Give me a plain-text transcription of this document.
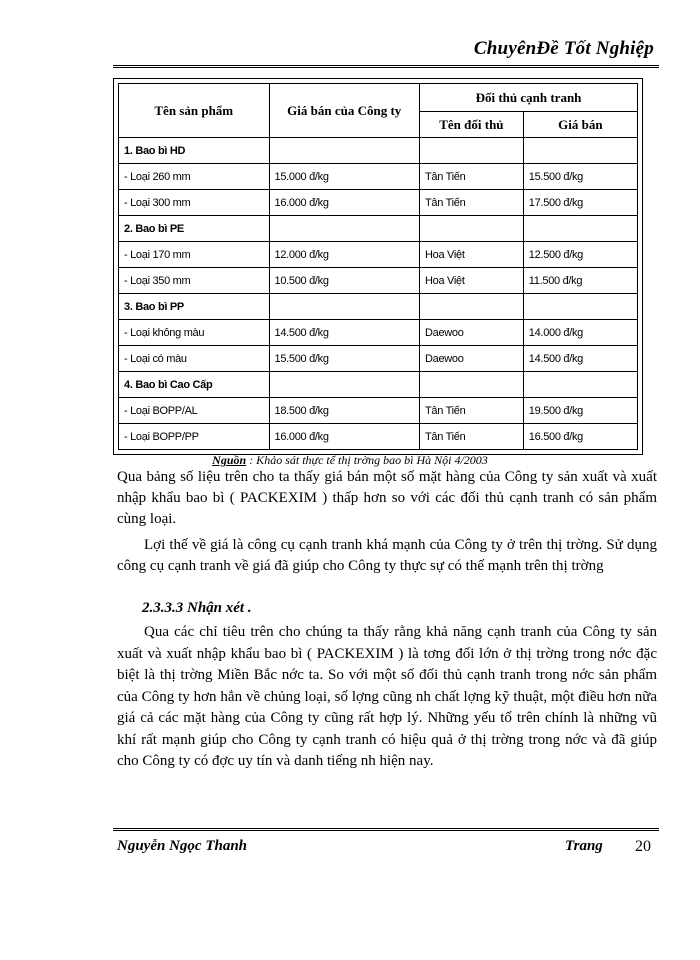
ChuyênĐề Tốt Nghiệp
Tên sản phẩm	Giá bán của Công ty	Đối thủ cạnh tranh	
		Tên đối thủ	Giá bán
1. Bao bì HD			
- Loại 260 mm	15.000 đ/kg	Tân Tiến	15.500 đ/kg
- Loại 300 mm	16.000 đ/kg	Tân Tiến	17.500 đ/kg
2. Bao bì PE			
- Loại 170 mm	12.000 đ/kg	Hoa Việt	12.500 đ/kg
- Loại 350 mm	10.500 đ/kg	Hoa Việt	11.500 đ/kg
3. Bao bì PP			
- Loại không màu	14.500 đ/kg	Daewoo	14.000 đ/kg
- Loại có màu	15.500 đ/kg	Daewoo	14.500 đ/kg
4. Bao bì Cao Cấp			
- Loại BOPP/AL	18.500 đ/kg	Tân Tiến	19.500 đ/kg
- Loại BOPP/PP	16.000 đ/kg	Tân Tiến	16.500 đ/kg
Nguồn : Khảo sát thực tế thị trờng bao bì Hà Nội 4/2003

Qua bảng số liệu trên cho ta thấy giá bán một số mặt hàng của Công ty sản xuất và xuất nhập khẩu bao bì ( PACKEXIM ) thấp hơn so với các đối thủ cạnh tranh có sản phẩm cùng loại.

Lợi thế về giá là công cụ cạnh tranh khá mạnh của Công ty ở trên thị trờng. Sử dụng công cụ cạnh tranh về giá đã giúp cho Công ty thực sự có thế mạnh trên thị trờng

2.3.3.3 Nhận xét .

Qua các chỉ tiêu trên cho chúng ta thấy rằng khả năng cạnh tranh của Công ty sản xuất và xuất nhập khẩu bao bì ( PACKEXIM ) là tơng đối lớn ở thị trờng trong nớc đặc biệt là thị trờng Miền Bắc nớc ta. So với một số đối thủ cạnh tranh trong nớc sản phẩm của Công ty hơn hẳn về chủng loại, số lợng cũng nh chất lợng kỹ thuật, một điều hơn nữa giá cả các mặt hàng của Công ty cũng rất hợp lý. Những yếu tố trên chính là những vũ khí rất mạnh giúp cho Công ty cạnh tranh có hiệu quả ở thị trờng trong nớc và đã giúp cho Công ty có đợc uy tín và danh tiếng nh hiện nay.

Nguyễn Ngọc Thanh	Trang 20
